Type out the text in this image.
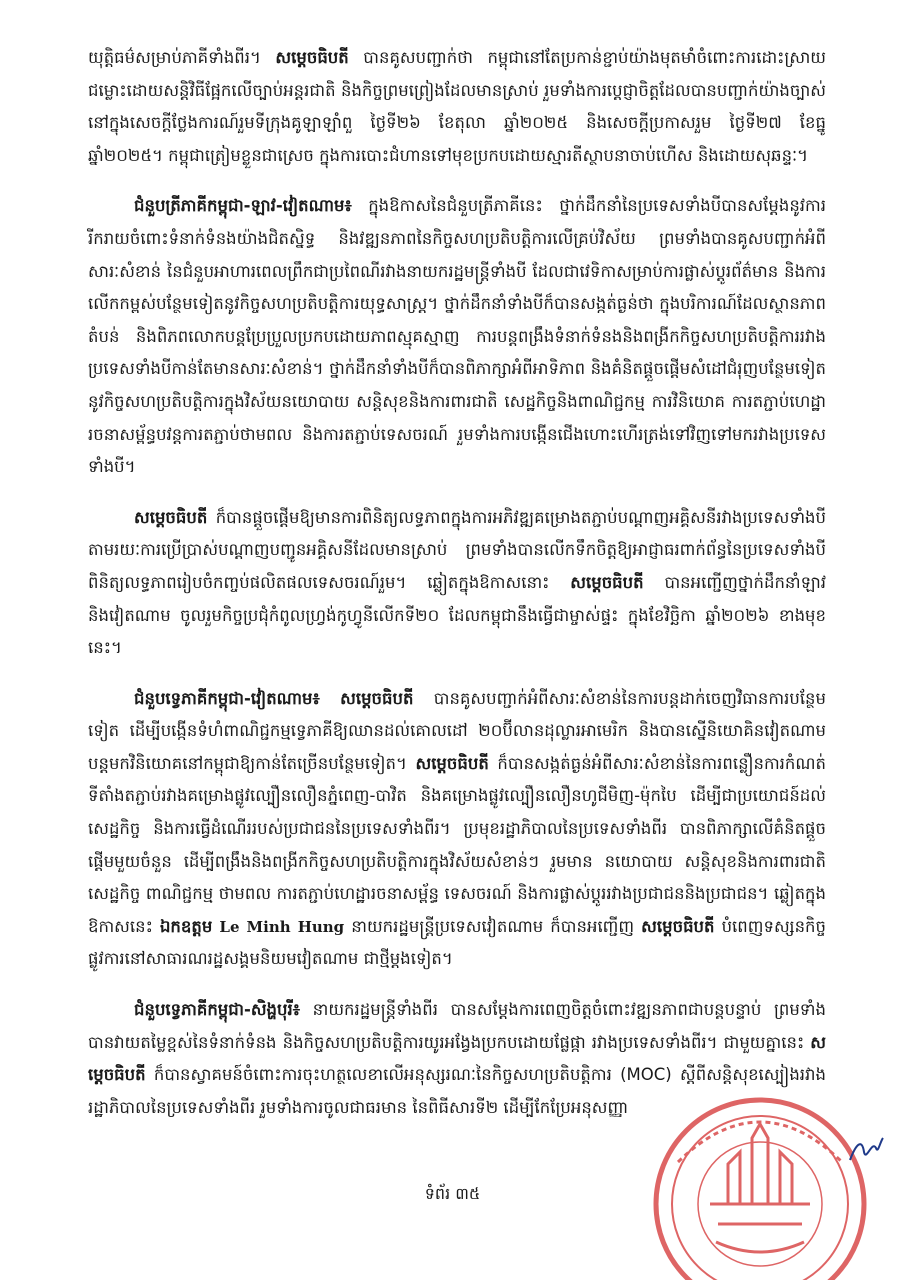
យុត្តិធម៌សម្រាប់ភាគីទាំងពីរ។ សម្តេចធិបតី បានគូសបញ្ជាក់ថា កម្ពុជានៅតែប្រកាន់ខ្ជាប់យ៉ាងមុតមាំចំពោះការដោះស្រាយជម្លោះដោយសន្តិវិធីផ្អែកលើច្បាប់អន្តរជាតិ និងកិច្ចព្រមព្រៀងដែលមានស្រាប់ រួមទាំងការប្តេជ្ញាចិត្តដែលបានបញ្ជាក់យ៉ាងច្បាស់នៅក្នុងសេចក្តីថ្លែងការណ៍រួមទីក្រុងគូឡាឡាំពួ ថ្ងៃទី២៦ ខែតុលា ឆ្នាំ២០២៥ និងសេចក្តីប្រកាសរួម ថ្ងៃទី២៧ ខែធ្នូ ឆ្នាំ២០២៥។ កម្ពុជាត្រៀមខ្លួនជាស្រេច ក្នុងការបោះជំហានទៅមុខប្រកបដោយស្មារតីស្ថាបនាចាប់ហើស និងដោយសុឆន្ទៈ។

ជំនួបត្រីភាគីកម្ពុជា-ឡាវ-វៀតណាម៖ ក្នុងឱកាសនៃជំនួបត្រីភាគីនេះ ថ្នាក់ដឹកនាំនៃប្រទេសទាំងបីបានសម្តែងនូវការរីករាយចំពោះទំនាក់ទំនងយ៉ាងជិតស្និទ្ធ និងវឌ្ឍនភាពនៃកិច្ចសហប្រតិបត្តិការលើគ្រប់វិស័យ ព្រមទាំងបានគូសបញ្ជាក់អំពីសារៈសំខាន់ នៃជំនួបអាហារពេលព្រឹកជាប្រពៃណីរវាងនាយករដ្ឋមន្ត្រីទាំងបី ដែលជាវេទិកាសម្រាប់ការផ្លាស់ប្តូរព័ត៌មាន និងការលើកកម្ពស់បន្ថែមទៀតនូវកិច្ចសហប្រតិបត្តិការយុទ្ធសាស្ត្រ។ ថ្នាក់ដឹកនាំទាំងបីក៏បានសង្កត់ធ្ងន់ថា ក្នុងបរិការណ៍ដែលស្ថានភាពតំបន់ និងពិភពលោកបន្តប្រែប្រួលប្រកបដោយភាពស្មុគស្មាញ ការបន្តពង្រឹងទំនាក់ទំនងនិងពង្រីកកិច្ចសហប្រតិបត្តិការរវាងប្រទេសទាំងបីកាន់តែមានសារៈសំខាន់។ ថ្នាក់ដឹកនាំទាំងបីក៏បានពិភាក្សាអំពីអាទិភាព និងគំនិតផ្តួចផ្តើមសំដៅជំរុញបន្ថែមទៀតនូវកិច្ចសហប្រតិបត្តិការក្នុងវិស័យនយោបាយ សន្តិសុខនិងការពារជាតិ សេដ្ឋកិច្ចនិងពាណិជ្ជកម្ម ការវិនិយោគ ការតភ្ជាប់ហេដ្ឋារចនាសម្ព័ន្ធបវន្តការតភ្ជាប់ថាមពល និងការតភ្ជាប់ទេសចរណ៍ រួមទាំងការបង្កើនជើងហោះហើរត្រង់ទៅវិញទៅមករវាងប្រទេសទាំងបី។

សម្តេចធិបតី ក៏បានផ្តួចផ្តើមឱ្យមានការពិនិត្យលទ្ធភាពក្នុងការអភិវឌ្ឍគម្រោងតភ្ជាប់បណ្តាញអគ្គិសនីរវាងប្រទេសទាំងបី តាមរយៈការប្រើប្រាស់បណ្តាញបញ្ជូនអគ្គិសនីដែលមានស្រាប់ ព្រមទាំងបានលើកទឹកចិត្តឱ្យអាជ្ញាធរពាក់ព័ន្ធនៃប្រទេសទាំងបី ពិនិត្យលទ្ធភាពរៀបចំកញ្ចប់ផលិតផលទេសចរណ៍រួម។ ឆ្លៀតក្នុងឱកាសនោះ សម្តេចធិបតី បានអញ្ជើញថ្នាក់ដឹកនាំឡាវ និងវៀតណាម ចូលរួមកិច្ចប្រជុំកំពូលហ្វ្រង់កូហ្វូនីលើកទី២០ ដែលកម្ពុជានឹងធ្វើជាម្ចាស់ផ្ទះ ក្នុងខែវិច្ឆិកា ឆ្នាំ២០២៦ ខាងមុខនេះ។

ជំនួបទ្វេភាគីកម្ពុជា-វៀតណាម៖ សម្តេចធិបតី បានគូសបញ្ជាក់អំពីសារៈសំខាន់នៃការបន្តដាក់ចេញវិធានការបន្ថែមទៀត ដើម្បីបង្កើនទំហំពាណិជ្ជកម្មទ្វេភាគីឱ្យឈានដល់គោលដៅ ២០ប៊ីលានដុល្លារអាមេរិក និងបានស្នើនិយោគិនវៀតណាមបន្តមកវិនិយោគនៅកម្ពុជាឱ្យកាន់តែច្រើនបន្ថែមទៀត។ សម្តេចធិបតី ក៏បានសង្កត់ធ្ងន់អំពីសារៈសំខាន់នៃការពន្លឿនការកំណត់ទីតាំងតភ្ជាប់រវាងគម្រោងផ្លូវល្បឿនលឿនភ្នំពេញ-បាវិត និងគម្រោងផ្លូវល្បឿនលឿនហូជីមិញ-ម៉ុកបៃ ដើម្បីជាប្រយោជន៍ដល់សេដ្ឋកិច្ច និងការធ្វើដំណើររបស់ប្រជាជននៃប្រទេសទាំងពីរ។ ប្រមុខរដ្ឋាភិបាលនៃប្រទេសទាំងពីរ បានពិភាក្សាលើគំនិតផ្តួចផ្តើមមួយចំនួន ដើម្បីពង្រឹងនិងពង្រីកកិច្ចសហប្រតិបត្តិការក្នុងវិស័យសំខាន់ៗ រួមមាន នយោបាយ សន្តិសុខនិងការពារជាតិ សេដ្ឋកិច្ច ពាណិជ្ជកម្ម ថាមពល ការតភ្ជាប់ហេដ្ឋារចនាសម្ព័ន្ធ ទេសចរណ៍ និងការផ្លាស់ប្តូររវាងប្រជាជននិងប្រជាជន។ ឆ្លៀតក្នុងឱកាសនេះ ឯកឧត្តម Le Minh Hung នាយករដ្ឋមន្ត្រីប្រទេសវៀតណាម ក៏បានអញ្ជើញ សម្តេចធិបតី បំពេញទស្សនកិច្ចផ្លូវការនៅសាធារណរដ្ឋសង្គមនិយមវៀតណាម ជាថ្មីម្តងទៀត។

ជំនួបទ្វេភាគីកម្ពុជា-សិង្ហបុរី៖ នាយករដ្ឋមន្ត្រីទាំងពីរ បានសម្តែងការពេញចិត្តចំពោះវឌ្ឍនភាពជាបន្តបន្ទាប់ ព្រមទាំងបានវាយតម្លៃខ្ពស់នៃទំនាក់ទំនង និងកិច្ចសហប្រតិបត្តិការយូរអង្វែងប្រកបដោយផ្លែផ្កា រវាងប្រទេសទាំងពីរ។ ជាមួយគ្នានេះ សម្តេចធិបតី ក៏បានស្វាគមន៍ចំពោះការចុះហត្ថលេខាលើអនុស្សរណៈនៃកិច្ចសហប្រតិបត្តិការ (MOC) ស្តីពីសន្តិសុខស្បៀងរវាងរដ្ឋាភិបាលនៃប្រទេសទាំងពីរ រួមទាំងការចូលជាធរមាន នៃពិធីសារទី២ ដើម្បីកែប្រែអនុសញ្ញា

ទំព័រ ៣៥
